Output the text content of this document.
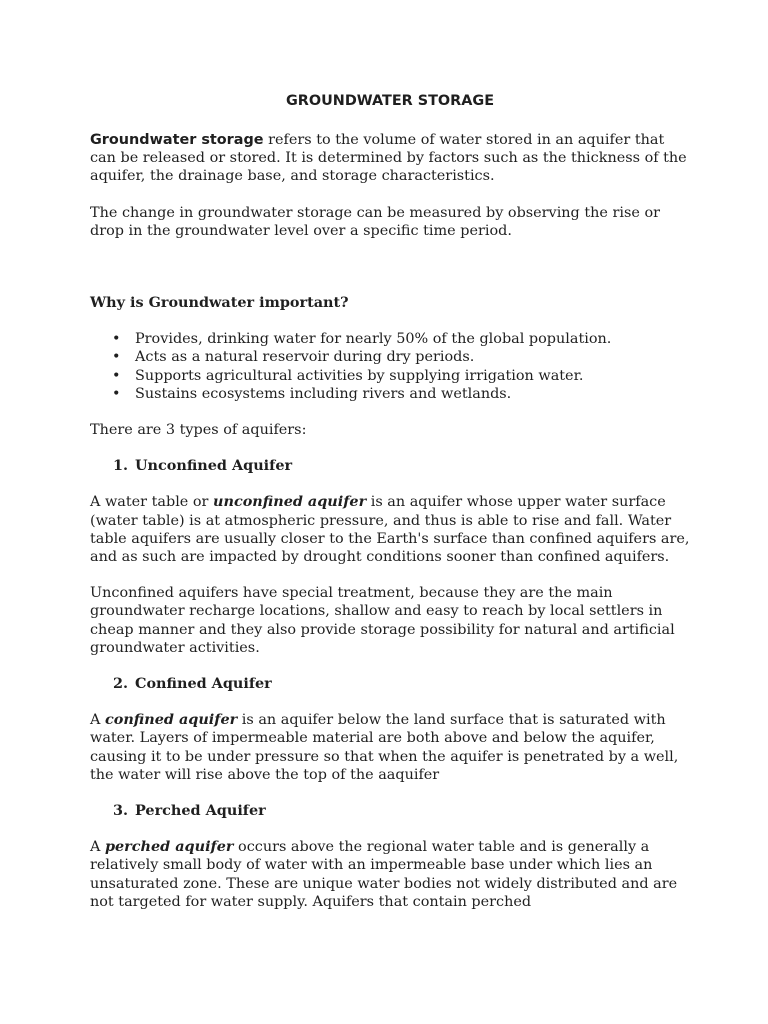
GROUNDWATER STORAGE

Groundwater storage refers to the volume of water stored in an aquifer that can be released or stored. It is determined by factors such as the thickness of the aquifer, the drainage base, and storage characteristics.

The change in groundwater storage can be measured by observing the rise or drop in the groundwater level over a specific time period.

Why is Groundwater important?
• Provides, drinking water for nearly 50% of the global population.
• Acts as a natural reservoir during dry periods.
• Supports agricultural activities by supplying irrigation water.
• Sustains ecosystems including rivers and wetlands.

There are 3 types of aquifers:

1. Unconfined Aquifer

A water table or unconfined aquifer is an aquifer whose upper water surface (water table) is at atmospheric pressure, and thus is able to rise and fall. Water table aquifers are usually closer to the Earth's surface than confined aquifers are, and as such are impacted by drought conditions sooner than confined aquifers.

Unconfined aquifers have special treatment, because they are the main groundwater recharge locations, shallow and easy to reach by local settlers in cheap manner and they also provide storage possibility for natural and artificial groundwater activities.

2. Confined Aquifer

A confined aquifer is an aquifer below the land surface that is saturated with water. Layers of impermeable material are both above and below the aquifer, causing it to be under pressure so that when the aquifer is penetrated by a well, the water will rise above the top of the aaquifer

3. Perched Aquifer

A perched aquifer occurs above the regional water table and is generally a relatively small body of water with an impermeable base under which lies an unsaturated zone. These are unique water bodies not widely distributed and are not targeted for water supply. Aquifers that contain perched
